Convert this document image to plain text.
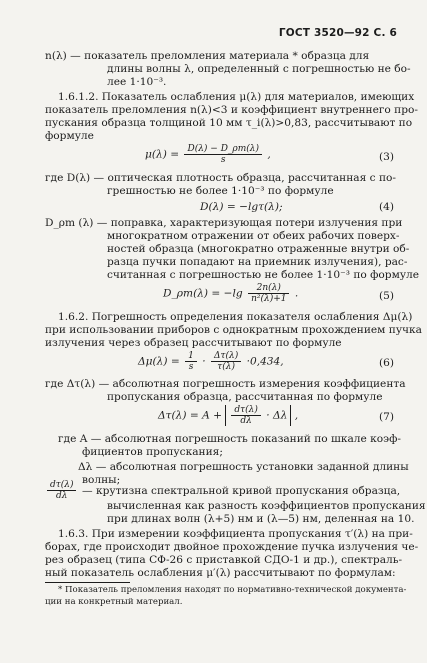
ГОСТ 3520—92 С. 6
n(λ) — показатель преломления материала * образца для
длины волны λ, определенный с погрешностью не бо-
лее 1·10⁻³.
1.6.1.2. Показатель ослабления μ(λ) для материалов, имеющих
показатель преломления n(λ)<3 и коэффициент внутреннего про-
пускания образца толщиной 10 мм τ_i(λ)>0,83, рассчитывают по
формуле
$\mu(\lambda) = \frac{D(\lambda) - D\_\rho m(\lambda)}{s}$ ,	(3)
где D(λ) — оптическая плотность образца, рассчитанная с по-
грешностью не более 1·10⁻³ по формуле
D(λ) = −lgτ(λ);	(4)
D_ρm (λ) — поправка, характеризующая потери излучения при
многократном отражении от обеих рабочих поверх-
ностей образца (многократно отраженные внутри об-
разца пучки попадают на приемник излучения), рас-
считанная с погрешностью не более 1·10⁻³ по формуле
D_ρm(λ) = $-\lg \frac{2n(\lambda)}{\text{n²(λ)+1}}$ .	(5)
1.6.2. Погрешность определения показателя ослабления Δμ(λ)
при использовании приборов с однократным прохождением пучка
излучения через образец рассчитывают по формуле
$\Delta\mu(\lambda) = \frac{1}{s} \cdot \frac{\Delta\tau(\lambda)}{\tau(\lambda)} \cdot 0,434$,	(6)
где Δτ(λ) — абсолютная погрешность измерения коэффициента
пропускания образца, рассчитанная по формуле
$\Delta\tau(\lambda) = A + \frac{d\tau(\lambda)}{d\lambda} \cdot \Delta\lambda$ ,	(7)
где A — абсолютная погрешность показаний по шкале коэф-
фициентов пропускания;
Δλ — абсолютная погрешность установки заданной длины
волны;
$\frac{d\tau(\lambda)}{d\lambda}$ — крутизна спектральной кривой пропускания образца,
вычисленная как разность коэффициентов пропускания
при длинах волн (λ+5) нм и (λ—5) нм, деленная на 10.
1.6.3. При измерении коэффициента пропускания τ′(λ) на при-
борах, где происходит двойное прохождение пучка излучения че-
рез образец (типа СФ-26 с приставкой СДО-1 и др.), спектраль-
ный показатель ослабления μ′(λ) рассчитывают по формулам:
* Показатель преломления находят по нормативно-технической документа-
ции на конкретный материал.
